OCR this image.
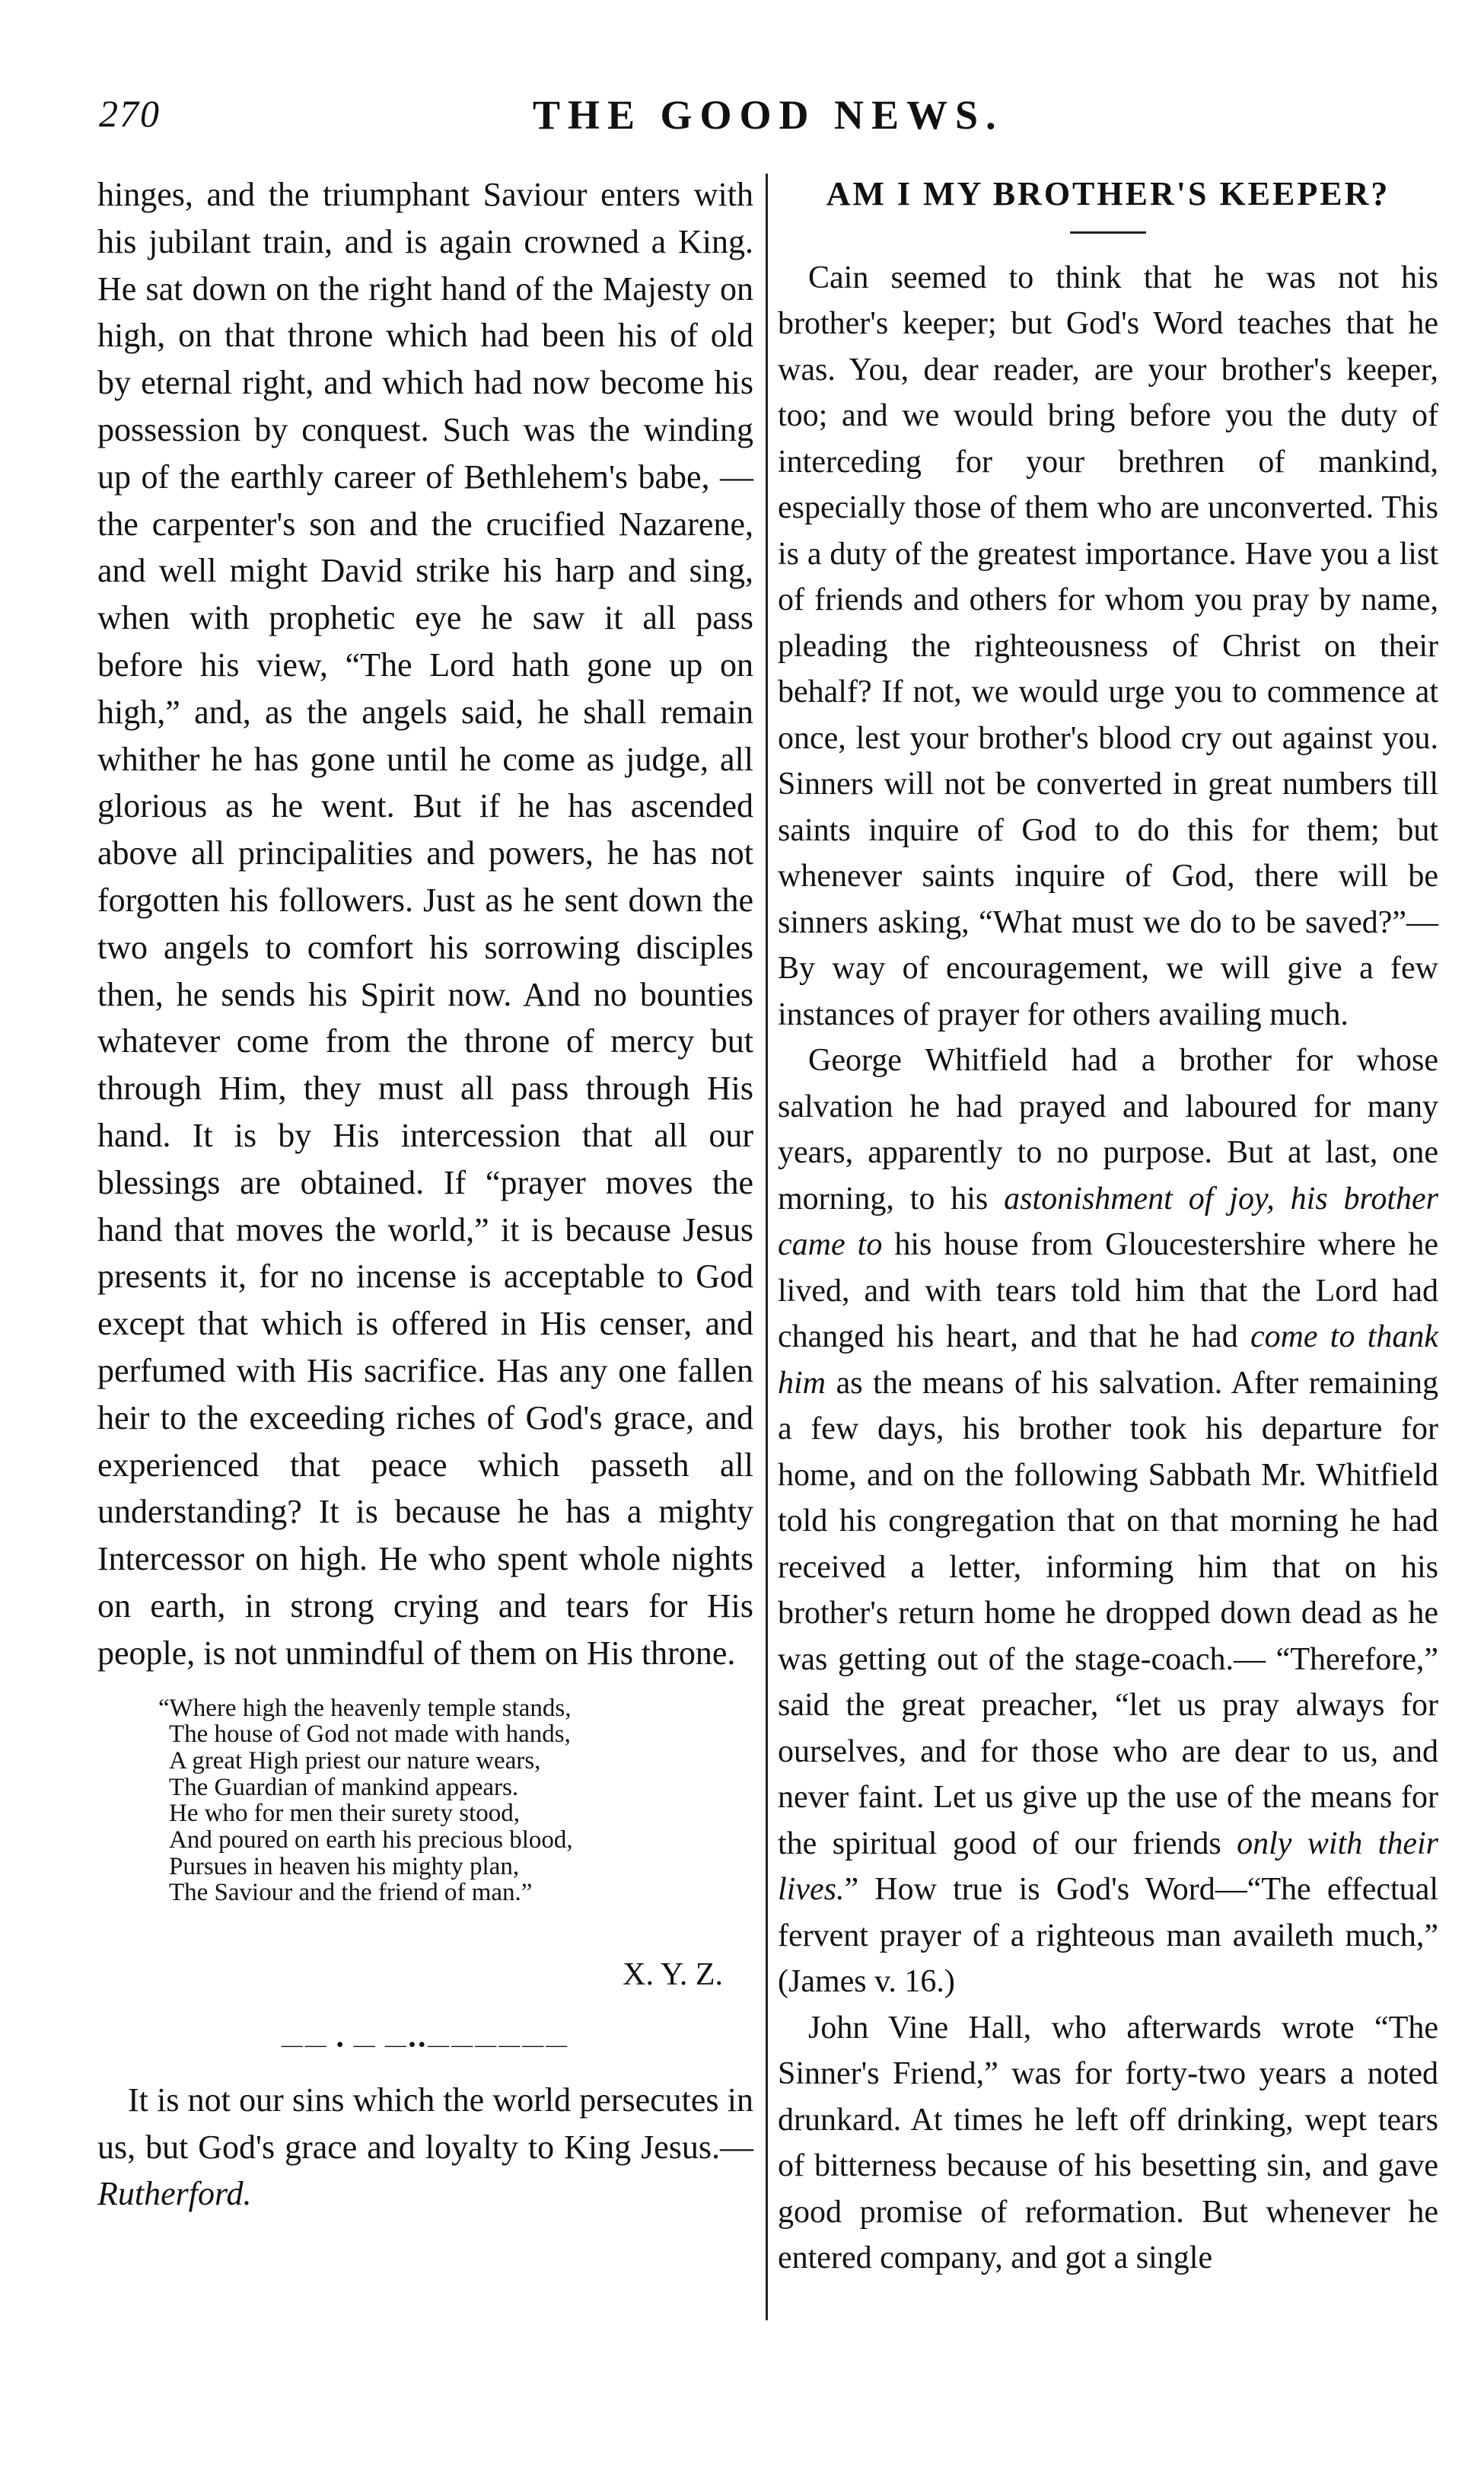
270	THE GOOD NEWS.

hinges, and the triumphant Saviour enters with his jubilant train, and is again crowned a King. He sat down on the right hand of the Majesty on high, on that throne which had been his of old by eternal right, and which had now become his possession by conquest. Such was the winding up of the earthly career of Bethlehem's babe, —the carpenter's son and the crucified Nazarene, and well might David strike his harp and sing, when with prophetic eye he saw it all pass before his view, “The Lord hath gone up on high,” and, as the angels said, he shall remain whither he has gone until he come as judge, all glorious as he went. But if he has ascended above all principalities and powers, he has not forgotten his followers. Just as he sent down the two angels to comfort his sorrowing disciples then, he sends his Spirit now. And no bounties whatever come from the throne of mercy but through Him, they must all pass through His hand. It is by His intercession that all our blessings are obtained. If “prayer moves the hand that moves the world,” it is because Jesus presents it, for no incense is acceptable to God except that which is offered in His censer, and perfumed with His sacrifice. Has any one fallen heir to the exceeding riches of God's grace, and experienced that peace which passeth all understanding? It is because he has a mighty Intercessor on high. He who spent whole nights on earth, in strong crying and tears for His people, is not unmindful of them on His throne.

“Where high the heavenly temple stands,
The house of God not made with hands,
A great High priest our nature wears,
The Guardian of mankind appears.
He who for men their surety stood,
And poured on earth his precious blood,
Pursues in heaven his mighty plan,
The Saviour and the friend of man.”
X. Y. Z.
—— • — —••——————

It is not our sins which the world persecutes in us, but God's grace and loyalty to King Jesus.—Rutherford.

AM I MY BROTHER'S KEEPER?

Cain seemed to think that he was not his brother's keeper; but God's Word teaches that he was. You, dear reader, are your brother's keeper, too; and we would bring before you the duty of interceding for your brethren of mankind, especially those of them who are unconverted. This is a duty of the greatest importance. Have you a list of friends and others for whom you pray by name, pleading the righteousness of Christ on their behalf? If not, we would urge you to commence at once, lest your brother's blood cry out against you. Sinners will not be converted in great numbers till saints inquire of God to do this for them; but whenever saints inquire of God, there will be sinners asking, “What must we do to be saved?”— By way of encouragement, we will give a few instances of prayer for others availing much.

George Whitfield had a brother for whose salvation he had prayed and laboured for many years, apparently to no purpose. But at last, one morning, to his astonishment of joy, his brother came to his house from Gloucestershire where he lived, and with tears told him that the Lord had changed his heart, and that he had come to thank him as the means of his salvation. After remaining a few days, his brother took his departure for home, and on the following Sabbath Mr. Whitfield told his congregation that on that morning he had received a letter, informing him that on his brother's return home he dropped down dead as he was getting out of the stage-coach.— “Therefore,” said the great preacher, “let us pray always for ourselves, and for those who are dear to us, and never faint. Let us give up the use of the means for the spiritual good of our friends only with their lives.” How true is God's Word—“The effectual fervent prayer of a righteous man availeth much,” (James v. 16.)

John Vine Hall, who afterwards wrote “The Sinner's Friend,” was for forty-two years a noted drunkard. At times he left off drinking, wept tears of bitterness because of his besetting sin, and gave good promise of reformation. But whenever he entered company, and got a single
